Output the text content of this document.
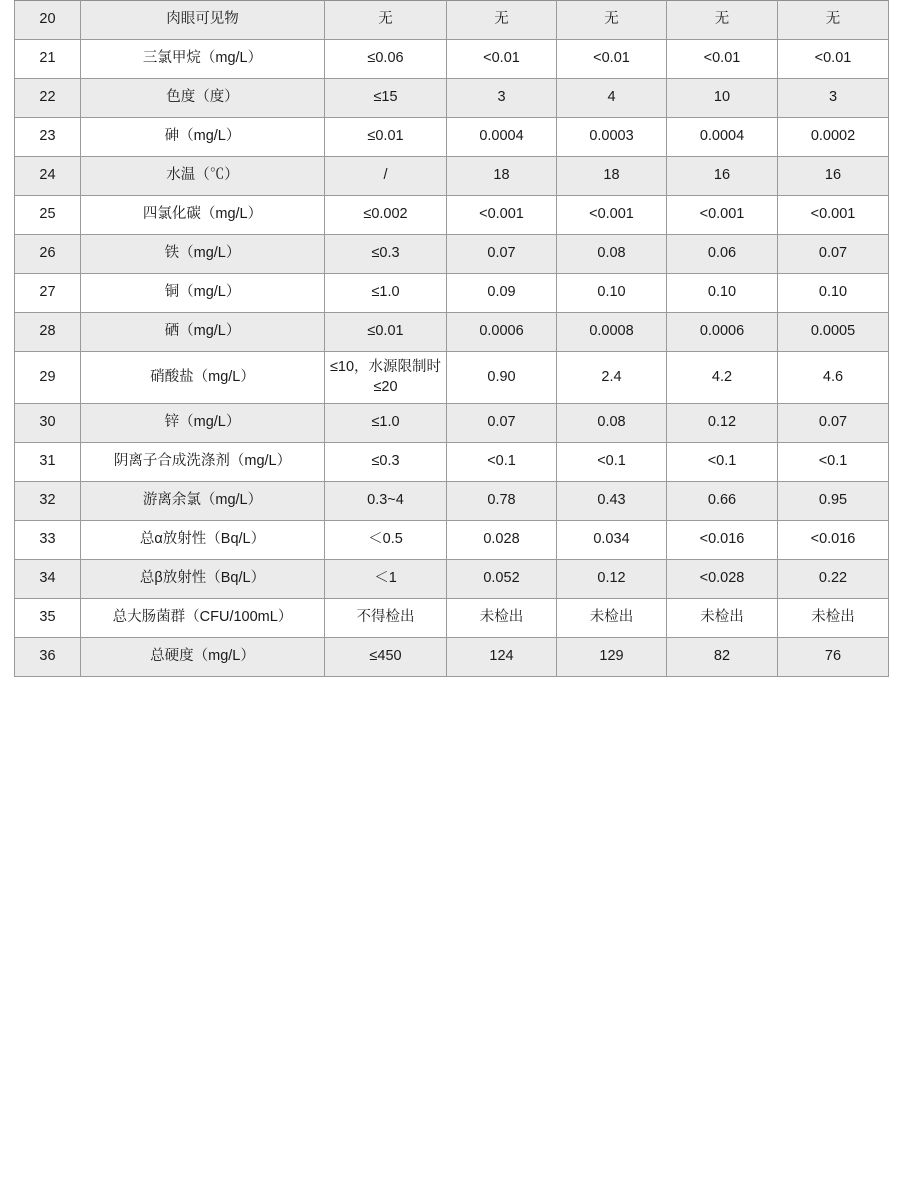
20	肉眼可见物	无	无	无	无	无
21	三氯甲烷（mg/L）	≤0.06	<0.01	<0.01	<0.01	<0.01
22	色度（度）	≤15	3	4	10	3
23	砷（mg/L）	≤0.01	0.0004	0.0003	0.0004	0.0002
24	水温（℃）	/	18	18	16	16
25	四氯化碳（mg/L）	≤0.002	<0.001	<0.001	<0.001	<0.001
26	铁（mg/L）	≤0.3	0.07	0.08	0.06	0.07
27	铜（mg/L）	≤1.0	0.09	0.10	0.10	0.10
28	硒（mg/L）	≤0.01	0.0006	0.0008	0.0006	0.0005
29	硝酸盐（mg/L）	≤10，水源限制时≤20	0.90	2.4	4.2	4.6
30	锌（mg/L）	≤1.0	0.07	0.08	0.12	0.07
31	阴离子合成洗涤剂（mg/L）	≤0.3	<0.1	<0.1	<0.1	<0.1
32	游离余氯（mg/L）	0.3~4	0.78	0.43	0.66	0.95
33	总α放射性（Bq/L）	＜0.5	0.028	0.034	<0.016	<0.016
34	总β放射性（Bq/L）	＜1	0.052	0.12	<0.028	0.22
35	总大肠菌群（CFU/100mL）	不得检出	未检出	未检出	未检出	未检出
36	总硬度（mg/L）	≤450	124	129	82	76
